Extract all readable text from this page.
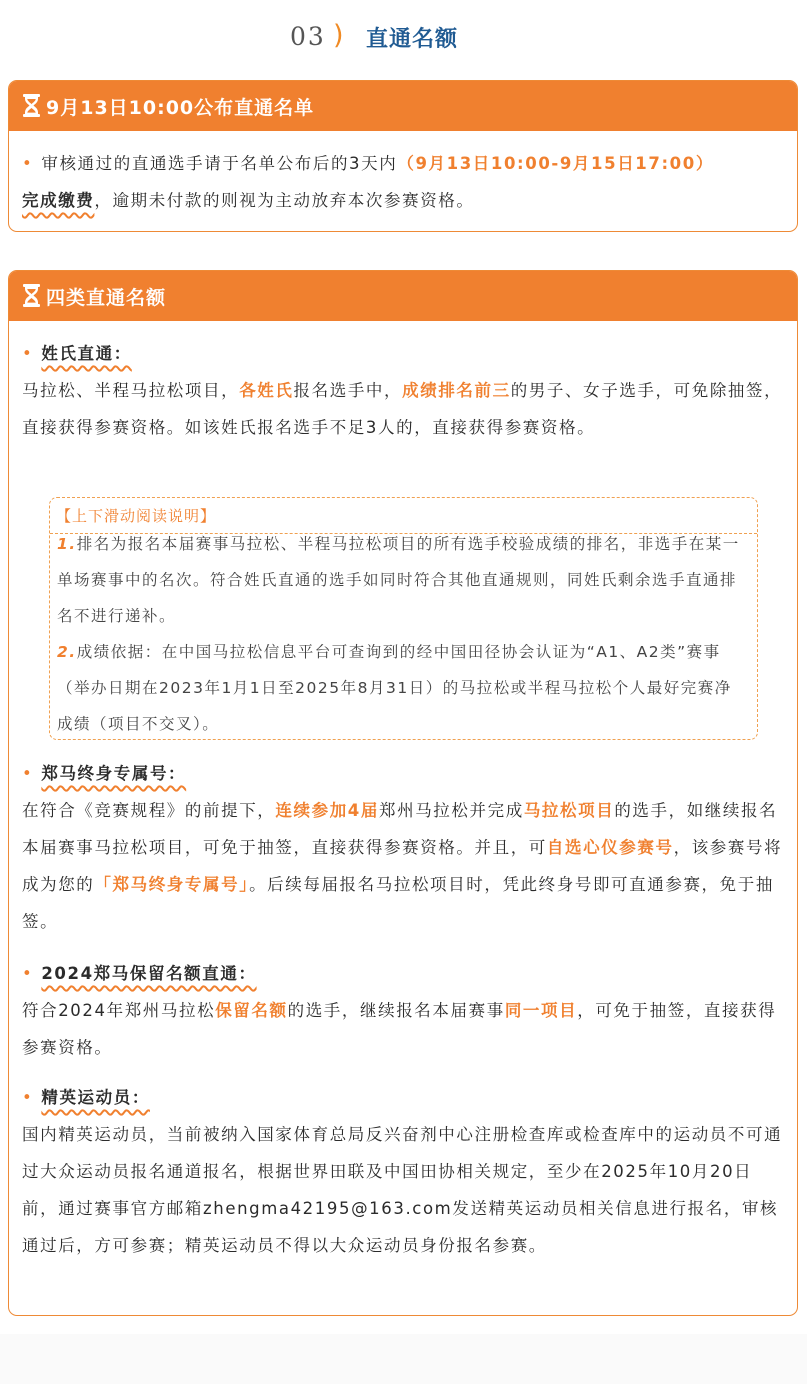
03 ) 直通名额
9月13日10:00公布直通名单

• 审核通过的直通选手请于名单公布后的3天内（9月13日10:00-9月15日17:00）
完成缴费，逾期未付款的则视为主动放弃本次参赛资格。

四类直通名额

• 姓氏直通：
马拉松、半程马拉松项目，各姓氏报名选手中，成绩排名前三的男子、女子选手，可免除抽签，直接获得参赛资格。如该姓氏报名选手不足3人的，直接获得参赛资格。

【上下滑动阅读说明】

1.排名为报名本届赛事马拉松、半程马拉松项目的所有选手校验成绩的排名，非选手在某一单场赛事中的名次。符合姓氏直通的选手如同时符合其他直通规则，同姓氏剩余选手直通排名不进行递补。
2.成绩依据：在中国马拉松信息平台可查询到的经中国田径协会认证为“A1、A2类”赛事（举办日期在2023年1月1日至2025年8月31日）的马拉松或半程马拉松个人最好完赛净成绩（项目不交叉）。

• 郑马终身专属号：
在符合《竞赛规程》的前提下，连续参加4届郑州马拉松并完成马拉松项目的选手，如继续报名本届赛事马拉松项目，可免于抽签，直接获得参赛资格。并且，可自选心仪参赛号，该参赛号将成为您的「郑马终身专属号」。后续每届报名马拉松项目时，凭此终身号即可直通参赛，免于抽签。

• 2024郑马保留名额直通：
符合2024年郑州马拉松保留名额的选手，继续报名本届赛事同一项目，可免于抽签，直接获得参赛资格。

• 精英运动员：
国内精英运动员，当前被纳入国家体育总局反兴奋剂中心注册检查库或检查库中的运动员不可通过大众运动员报名通道报名，根据世界田联及中国田协相关规定，至少在2025年10月20日前，通过赛事官方邮箱zhengma42195@163.com发送精英运动员相关信息进行报名，审核通过后，方可参赛；精英运动员不得以大众运动员身份报名参赛。
